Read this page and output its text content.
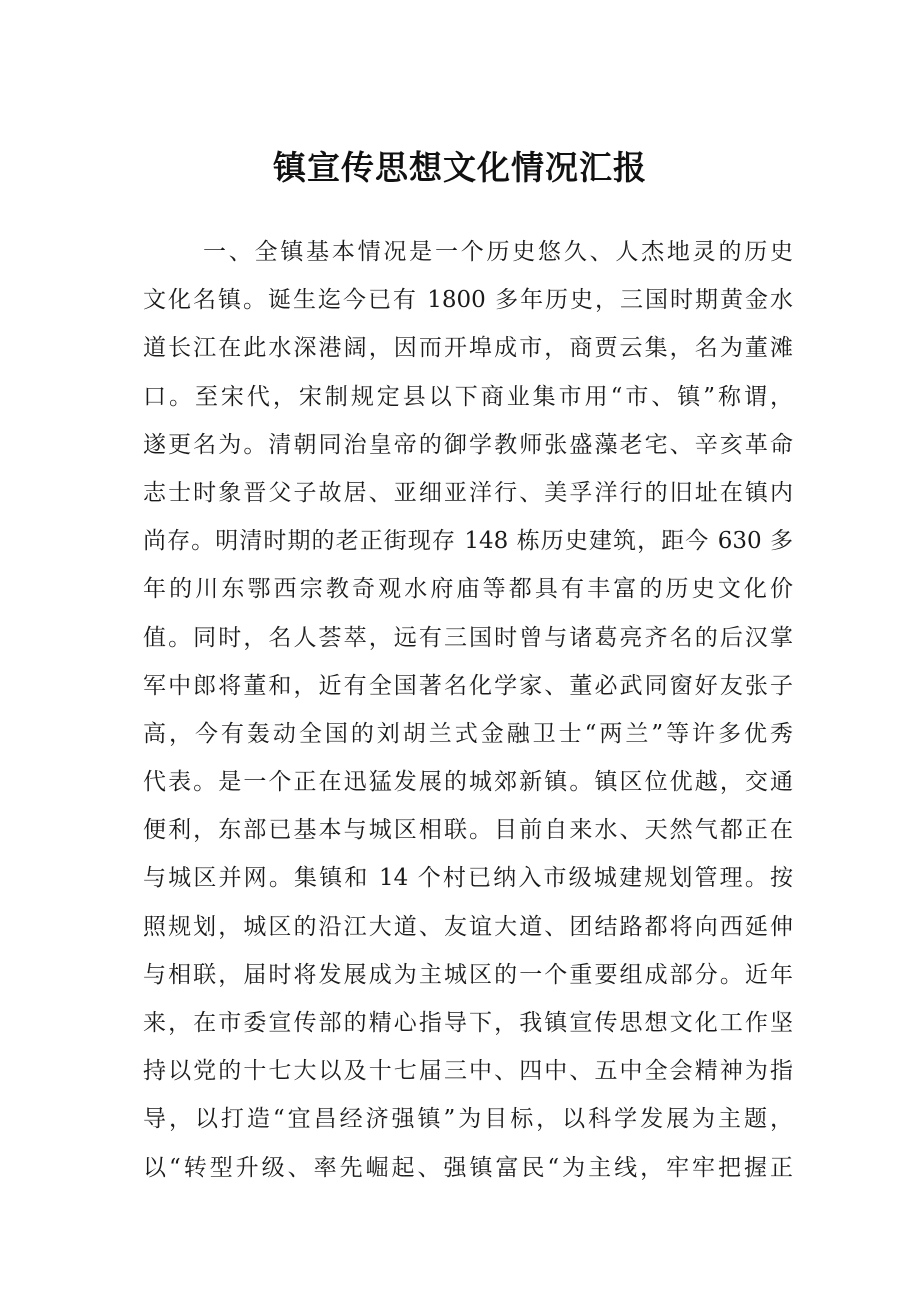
镇宣传思想文化情况汇报
一、全镇基本情况是一个历史悠久、人杰地灵的历史
文化名镇。诞生迄今已有 1800 多年历史，三国时期黄金水
道长江在此水深港阔，因而开埠成市，商贾云集，名为董滩
口。至宋代，宋制规定县以下商业集市用“市、镇”称谓，
遂更名为。清朝同治皇帝的御学教师张盛藻老宅、辛亥革命
志士时象晋父子故居、亚细亚洋行、美孚洋行的旧址在镇内
尚存。明清时期的老正街现存 148 栋历史建筑，距今 630 多
年的川东鄂西宗教奇观水府庙等都具有丰富的历史文化价
值。同时，名人荟萃，远有三国时曾与诸葛亮齐名的后汉掌
军中郎将董和，近有全国著名化学家、董必武同窗好友张子
高，今有轰动全国的刘胡兰式金融卫士“两兰”等许多优秀
代表。是一个正在迅猛发展的城郊新镇。镇区位优越，交通
便利，东部已基本与城区相联。目前自来水、天然气都正在
与城区并网。集镇和 14 个村已纳入市级城建规划管理。按
照规划，城区的沿江大道、友谊大道、团结路都将向西延伸
与相联，届时将发展成为主城区的一个重要组成部分。近年
来，在市委宣传部的精心指导下，我镇宣传思想文化工作坚
持以党的十七大以及十七届三中、四中、五中全会精神为指
导，以打造“宜昌经济强镇”为目标，以科学发展为主题，
以“转型升级、率先崛起、强镇富民“为主线，牢牢把握正
